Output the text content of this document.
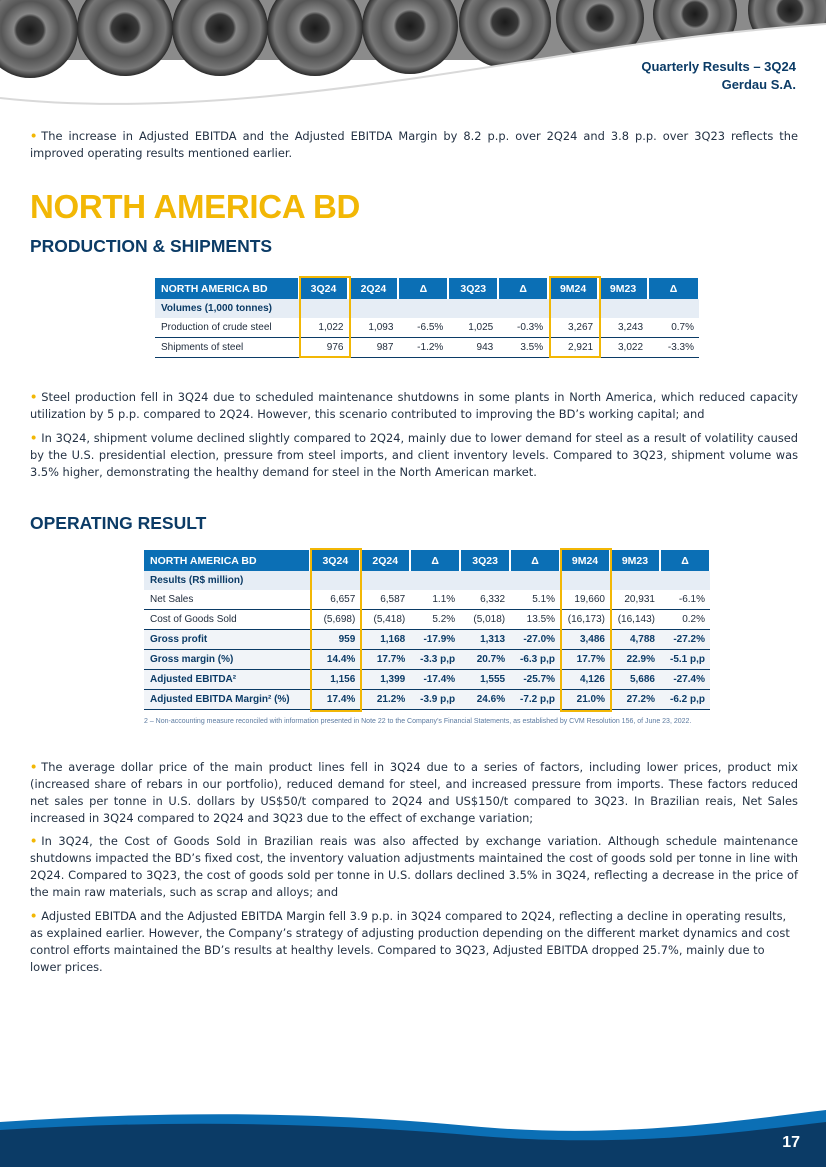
Quarterly Results – 3Q24
Gerdau S.A.

• The increase in Adjusted EBITDA and the Adjusted EBITDA Margin by 8.2 p.p. over 2Q24 and 3.8 p.p. over 3Q23 reflects the improved operating results mentioned earlier.

NORTH AMERICA BD
PRODUCTION & SHIPMENTS
NORTH AMERICA BD	3Q24	2Q24	Δ	3Q23	Δ	9M24	9M23	Δ
Volumes (1,000 tonnes)								
Production of crude steel	1,022	1,093	-6.5%	1,025	-0.3%	3,267	3,243	0.7%
Shipments of steel	976	987	-1.2%	943	3.5%	2,921	3,022	-3.3%

• Steel production fell in 3Q24 due to scheduled maintenance shutdowns in some plants in North America, which reduced capacity utilization by 5 p.p. compared to 2Q24. However, this scenario contributed to improving the BD’s working capital; and

• In 3Q24, shipment volume declined slightly compared to 2Q24, mainly due to lower demand for steel as a result of volatility caused by the U.S. presidential election, pressure from steel imports, and client inventory levels. Compared to 3Q23, shipment volume was 3.5% higher, demonstrating the healthy demand for steel in the North American market.

OPERATING RESULT
NORTH AMERICA BD	3Q24	2Q24	Δ	3Q23	Δ	9M24	9M23	Δ
Results (R$ million)								
Net Sales	6,657	6,587	1.1%	6,332	5.1%	19,660	20,931	-6.1%
Cost of Goods Sold	(5,698)	(5,418)	5.2%	(5,018)	13.5%	(16,173)	(16,143)	0.2%
Gross profit	959	1,168	-17.9%	1,313	-27.0%	3,486	4,788	-27.2%
Gross margin (%)	14.4%	17.7%	-3.3 p,p	20.7%	-6.3 p,p	17.7%	22.9%	-5.1 p,p
Adjusted EBITDA²	1,156	1,399	-17.4%	1,555	-25.7%	4,126	5,686	-27.4%
Adjusted EBITDA Margin² (%)	17.4%	21.2%	-3.9 p,p	24.6%	-7.2 p,p	21.0%	27.2%	-6.2 p,p
2 – Non-accounting measure reconciled with information presented in Note 22 to the Company’s Financial Statements, as established by CVM Resolution 156, of June 23, 2022.

• The average dollar price of the main product lines fell in 3Q24 due to a series of factors, including lower prices, product mix (increased share of rebars in our portfolio), reduced demand for steel, and increased pressure from imports. These factors reduced net sales per tonne in U.S. dollars by US$50/t compared to 2Q24 and US$150/t compared to 3Q23. In Brazilian reais, Net Sales increased in 3Q24 compared to 2Q24 and 3Q23 due to the effect of exchange variation;

• In 3Q24, the Cost of Goods Sold in Brazilian reais was also affected by exchange variation. Although schedule maintenance shutdowns impacted the BD’s fixed cost, the inventory valuation adjustments maintained the cost of goods sold per tonne in line with 2Q24. Compared to 3Q23, the cost of goods sold per tonne in U.S. dollars declined 3.5% in 3Q24, reflecting a decrease in the price of the main raw materials, such as scrap and alloys; and

• Adjusted EBITDA and the Adjusted EBITDA Margin fell 3.9 p.p. in 3Q24 compared to 2Q24, reflecting a decline in operating results, as explained earlier. However, the Company’s strategy of adjusting production depending on the different market dynamics and cost control efforts maintained the BD’s results at healthy levels. Compared to 3Q23, Adjusted EBITDA dropped 25.7%, mainly due to lower prices.

17
